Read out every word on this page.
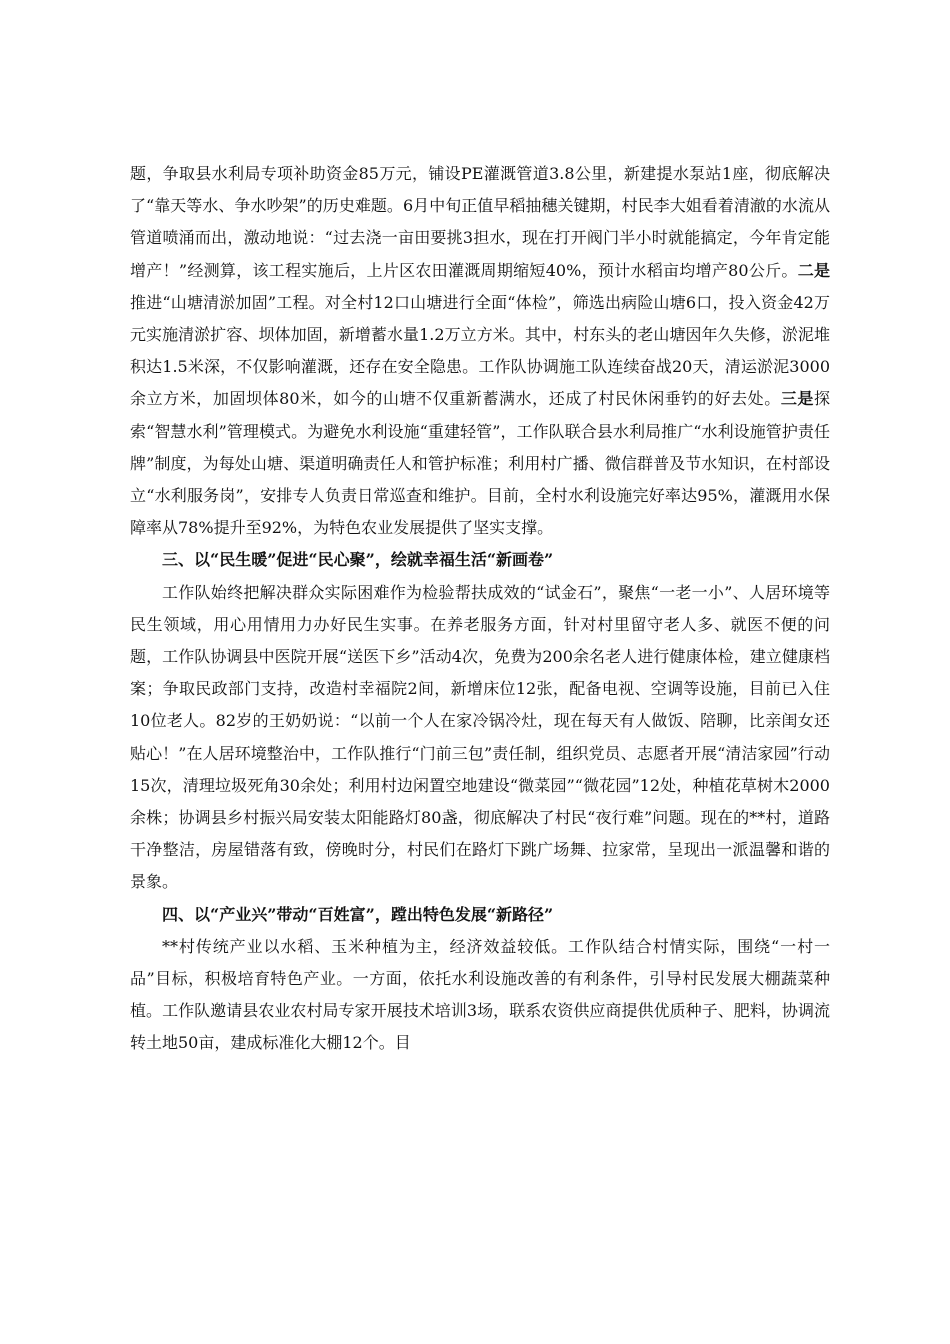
题，争取县水利局专项补助资金85万元，铺设PE灌溉管道3.8公里，新建提水泵站1座，彻底解决了“靠天等水、争水吵架”的历史难题。6月中旬正值早稻抽穗关键期，村民李大姐看着清澈的水流从管道喷涌而出，激动地说：“过去浇一亩田要挑3担水，现在打开阀门半小时就能搞定，今年肯定能增产！”经测算，该工程实施后，上片区农田灌溉周期缩短40%，预计水稻亩均增产80公斤。二是推进“山塘清淤加固”工程。对全村12口山塘进行全面“体检”，筛选出病险山塘6口，投入资金42万元实施清淤扩容、坝体加固，新增蓄水量1.2万立方米。其中，村东头的老山塘因年久失修，淤泥堆积达1.5米深，不仅影响灌溉，还存在安全隐患。工作队协调施工队连续奋战20天，清运淤泥3000余立方米，加固坝体80米，如今的山塘不仅重新蓄满水，还成了村民休闲垂钓的好去处。三是探索“智慧水利”管理模式。为避免水利设施“重建轻管”，工作队联合县水利局推广“水利设施管护责任牌”制度，为每处山塘、渠道明确责任人和管护标准；利用村广播、微信群普及节水知识，在村部设立“水利服务岗”，安排专人负责日常巡查和维护。目前，全村水利设施完好率达95%，灌溉用水保障率从78%提升至92%，为特色农业发展提供了坚实支撑。

三、以“民生暖”促进“民心聚”，绘就幸福生活“新画卷”

工作队始终把解决群众实际困难作为检验帮扶成效的“试金石”，聚焦“一老一小”、人居环境等民生领域，用心用情用力办好民生实事。在养老服务方面，针对村里留守老人多、就医不便的问题，工作队协调县中医院开展“送医下乡”活动4次，免费为200余名老人进行健康体检，建立健康档案；争取民政部门支持，改造村幸福院2间，新增床位12张，配备电视、空调等设施，目前已入住10位老人。82岁的王奶奶说：“以前一个人在家冷锅冷灶，现在每天有人做饭、陪聊，比亲闺女还贴心！”在人居环境整治中，工作队推行“门前三包”责任制，组织党员、志愿者开展“清洁家园”行动15次，清理垃圾死角30余处；利用村边闲置空地建设“微菜园”“微花园”12处，种植花草树木2000余株；协调县乡村振兴局安装太阳能路灯80盏，彻底解决了村民“夜行难”问题。现在的**村，道路干净整洁，房屋错落有致，傍晚时分，村民们在路灯下跳广场舞、拉家常，呈现出一派温馨和谐的景象。

四、以“产业兴”带动“百姓富”，蹚出特色发展“新路径”

**村传统产业以水稻、玉米种植为主，经济效益较低。工作队结合村情实际，围绕“一村一品”目标，积极培育特色产业。一方面，依托水利设施改善的有利条件，引导村民发展大棚蔬菜种植。工作队邀请县农业农村局专家开展技术培训3场，联系农资供应商提供优质种子、肥料，协调流转土地50亩，建成标准化大棚12个。目
